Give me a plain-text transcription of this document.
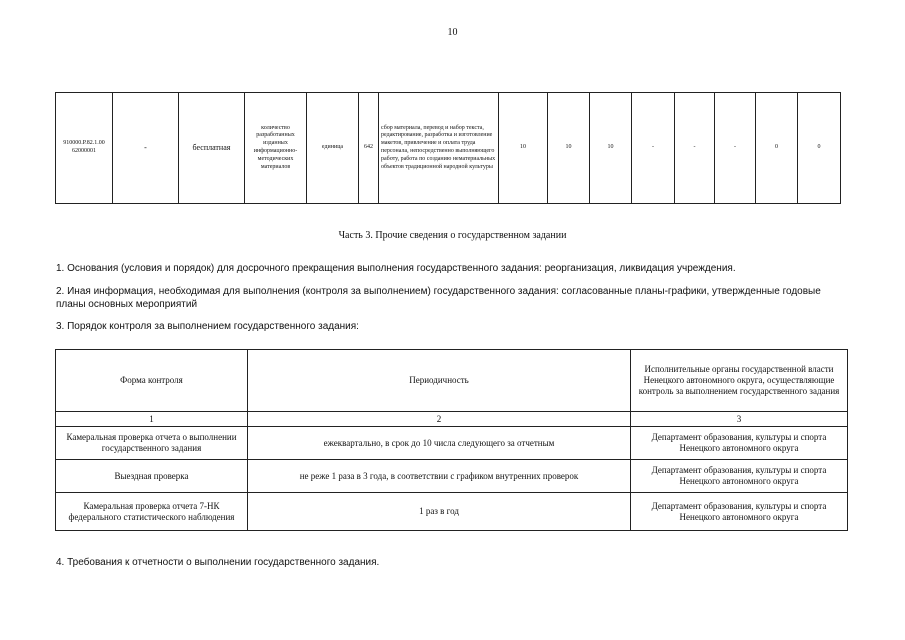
10
910000.Р.82.1.00 62000001	-	бесплатная	количество разработанных изданных информационно-методических материалов	единица	642	сбор материала, перевод и набор текста, редактирование, разработка и изготовление макетов, привлечение и оплата труда персонала, непосредственно выполняющего работу, работа по созданию нематериальных объектов традиционной народной культуры	10	10	10	-	-	-	0	0
Часть 3. Прочие сведения о государственном задании
1. Основания (условия и порядок) для досрочного прекращения выполнения государственного задания: реорганизация, ликвидация учреждения.
2. Иная информация, необходимая для выполнения (контроля за выполнением) государственного задания: согласованные планы-графики, утвержденные годовые планы основных мероприятий
3. Порядок контроля за выполнением государственного задания:
Форма контроля	Периодичность	Исполнительные органы государственной власти Ненецкого автономного округа, осуществляющие контроль за выполнением государственного задания
1	2	3
Камеральная проверка отчета о выполнении государственного задания	ежеквартально, в срок до 10 числа следующего за отчетным	Департамент образования, культуры и спорта Ненецкого автономного округа
Выездная проверка	не реже 1 раза в 3 года, в соответствии с графиком внутренних проверок	Департамент образования, культуры и спорта Ненецкого автономного округа
Камеральная проверка отчета 7-НК федерального статистического наблюдения	1 раз в год	Департамент образования, культуры и спорта Ненецкого автономного округа
4. Требования к отчетности о выполнении государственного задания.
